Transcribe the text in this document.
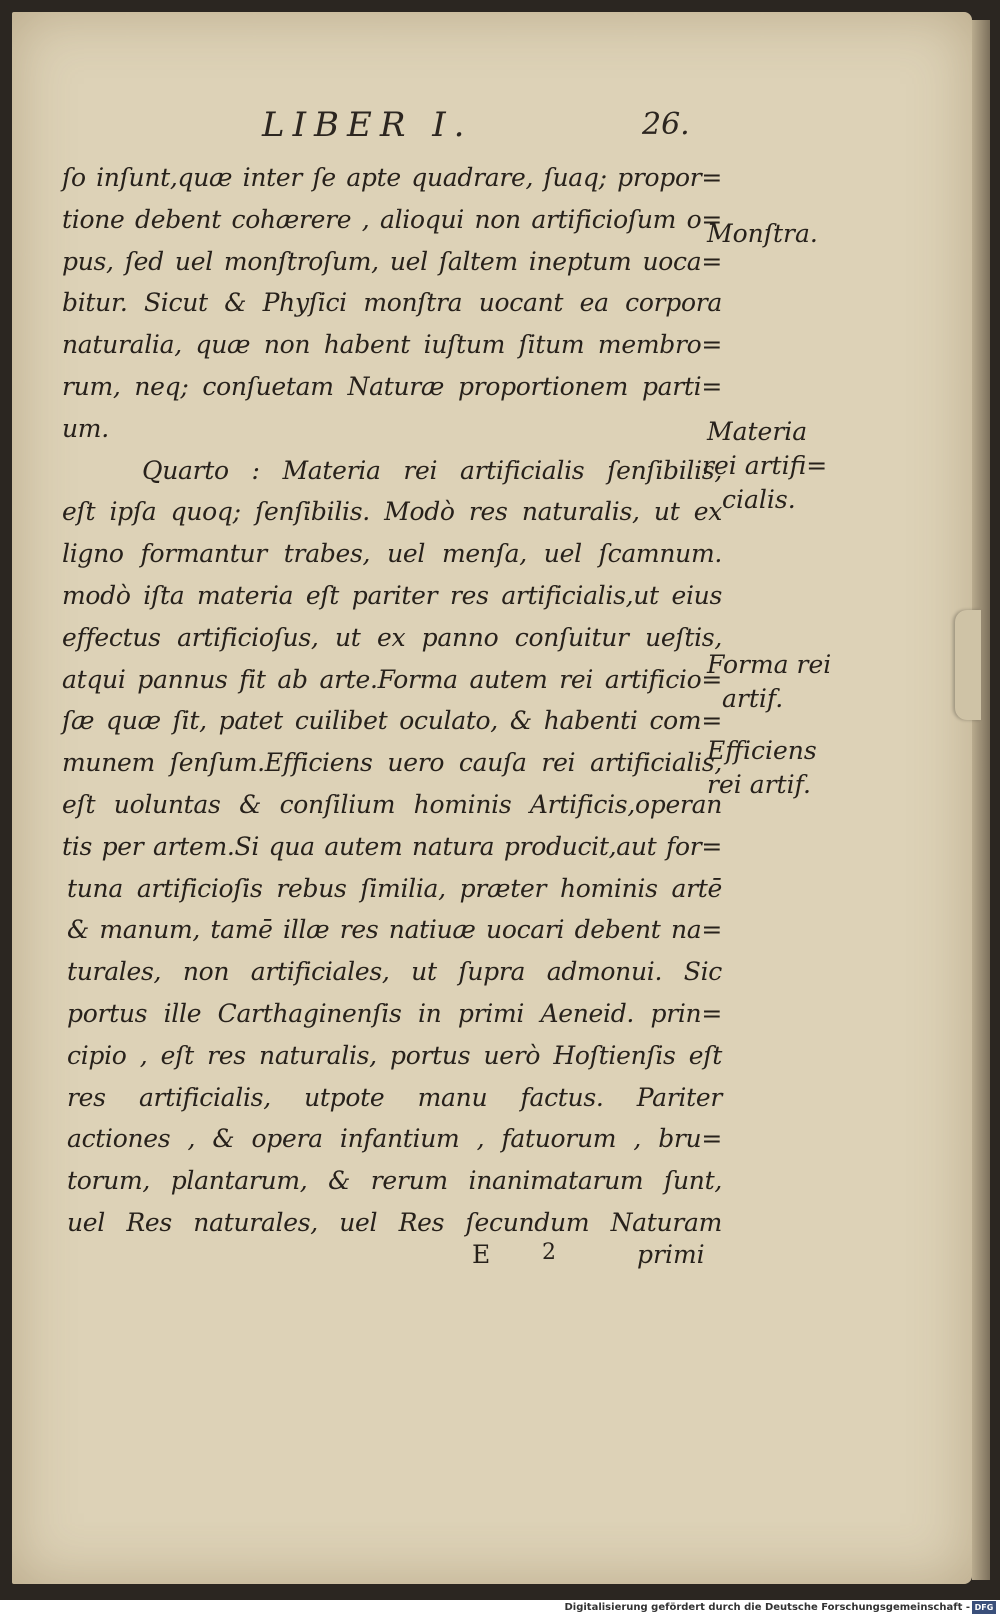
LIBER I.	26.
ſo inſunt,quæ inter ſe apte quadrare, ſuaq; propor=
tione debent cohærere , alioqui non artificioſum o=
pus, ſed uel monſtroſum, uel ſaltem ineptum uoca=
bitur. Sicut & Phyſici monſtra uocant ea corpora
naturalia, quæ non habent iuſtum ſitum membro=
rum, neq; conſuetam Naturæ proportionem parti=
um.
Quarto : Materia rei artificialis ſenſibilis,
eſt ipſa quoq; ſenſibilis. Modò res naturalis, ut ex
ligno formantur trabes, uel menſa, uel ſcamnum.
modò iſta materia eſt pariter res artificialis,ut eius
effectus artificioſus, ut ex panno conſuitur ueſtis,
atqui pannus fit ab arte.Forma autem rei artificio=
ſæ quæ ſit, patet cuilibet oculato, & habenti com=
munem ſenſum.Efficiens uero cauſa rei artificialis,
eſt uoluntas & conſilium hominis Artificis,operan
tis per artem.Si qua autem natura producit,aut for=
tuna artificioſis rebus ſimilia, præter hominis artē
& manum, tamē illæ res natiuæ uocari debent na=
turales, non artificiales, ut ſupra admonui. Sic
portus ille Carthaginenſis in primi Aeneid. prin=
cipio , eſt res naturalis, portus uerò Hoſtienſis eſt
res artificialis, utpote manu factus. Pariter
actiones , & opera infantium , fatuorum , bru=
torum, plantarum, & rerum inanimatarum ſunt,
uel Res naturales, uel Res ſecundum Naturam
E 2	primi
Monſtra.
Materia
rei artifi=
cialis.
Forma rei
artif.
Efficiens
rei artif.
Digitalisierung gefördert durch die Deutsche Forschungsgemeinschaft - DFG
